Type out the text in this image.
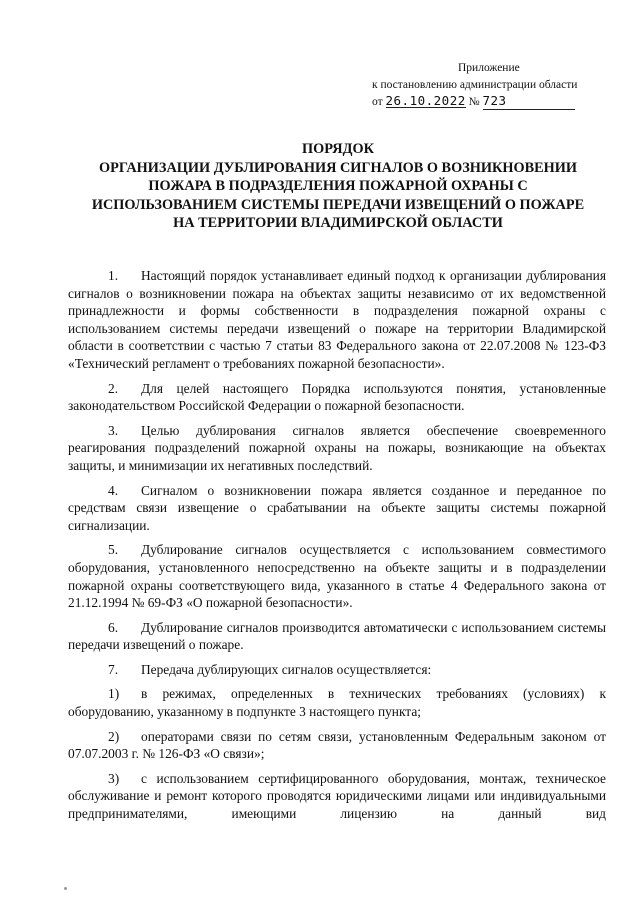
Приложение
к постановлению администрации области
от 26.10.2022 № 723
ПОРЯДОК
ОРГАНИЗАЦИИ ДУБЛИРОВАНИЯ СИГНАЛОВ О ВОЗНИКНОВЕНИИ
ПОЖАРА В ПОДРАЗДЕЛЕНИЯ ПОЖАРНОЙ ОХРАНЫ С
ИСПОЛЬЗОВАНИЕМ СИСТЕМЫ ПЕРЕДАЧИ ИЗВЕЩЕНИЙ О ПОЖАРЕ
НА ТЕРРИТОРИИ ВЛАДИМИРСКОЙ ОБЛАСТИ
1. Настоящий порядок устанавливает единый подход к организации дублирования сигналов о возникновении пожара на объектах защиты независимо от их ведомственной принадлежности и формы собственности в подразделения пожарной охраны с использованием системы передачи извещений о пожаре на территории Владимирской области в соответствии с частью 7 статьи 83 Федерального закона от 22.07.2008 № 123-ФЗ «Технический регламент о требованиях пожарной безопасности».
2. Для целей настоящего Порядка используются понятия, установленные законодательством Российской Федерации о пожарной безопасности.
3. Целью дублирования сигналов является обеспечение своевременного реагирования подразделений пожарной охраны на пожары, возникающие на объектах защиты, и минимизации их негативных последствий.
4. Сигналом о возникновении пожара является созданное и переданное по средствам связи извещение о срабатывании на объекте защиты системы пожарной сигнализации.
5. Дублирование сигналов осуществляется с использованием совместимого оборудования, установленного непосредственно на объекте защиты и в подразделении пожарной охраны соответствующего вида, указанного в статье 4 Федерального закона от 21.12.1994 № 69-ФЗ «О пожарной безопасности».
6. Дублирование сигналов производится автоматически с использованием системы передачи извещений о пожаре.
7. Передача дублирующих сигналов осуществляется:
1) в режимах, определенных в технических требованиях (условиях) к оборудованию, указанному в подпункте 3 настоящего пункта;
2) операторами связи по сетям связи, установленным Федеральным законом от 07.07.2003 г. № 126-ФЗ «О связи»;
3) с использованием сертифицированного оборудования, монтаж, техническое обслуживание и ремонт которого проводятся юридическими лицами или индивидуальными предпринимателями, имеющими лицензию на данный вид
